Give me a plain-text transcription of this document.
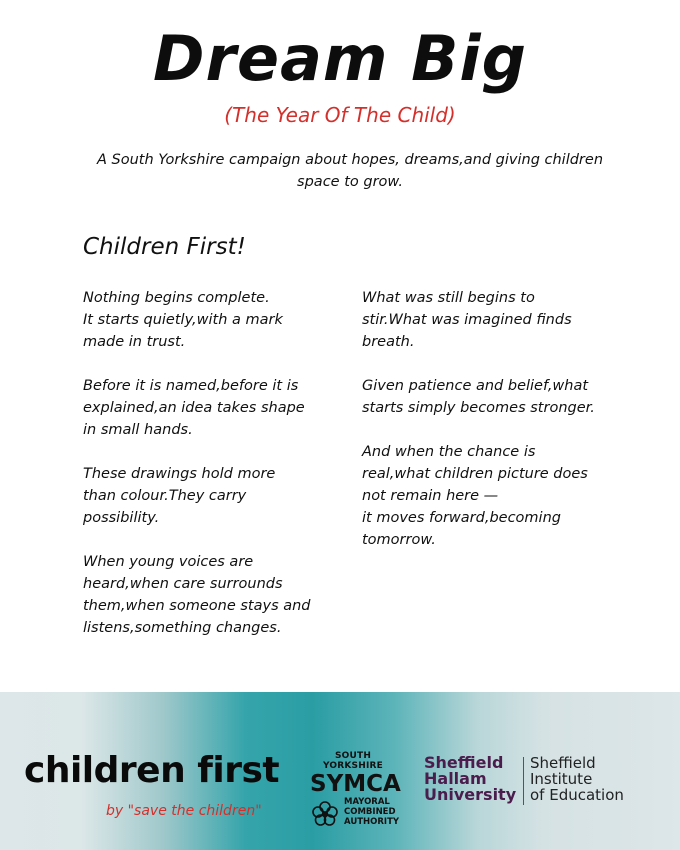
Dream Big
(The Year Of The Child)
A South Yorkshire campaign about hopes, dreams,and giving children
space to grow.
Children First!
Nothing begins complete.
It starts quietly,with a mark
made in trust.
Before it is named,before it is
explained,an idea takes shape
in small hands.
These drawings hold more
than colour.They carry
possibility.
When young voices are
heard,when care surrounds
them,when someone stays and
listens,something changes.
What was still begins to
stir.What was imagined finds
breath.
Given patience and belief,what
starts simply becomes stronger.
And when the chance is
real,what children picture does
not remain here —
it moves forward,becoming
tomorrow.
children first
by "save the children"
SOUTH YORKSHIRE
SYMCA
MAYORAL
COMBINED
AUTHORITY
Sheffield
Hallam
University
Sheffield
Institute
of Education
